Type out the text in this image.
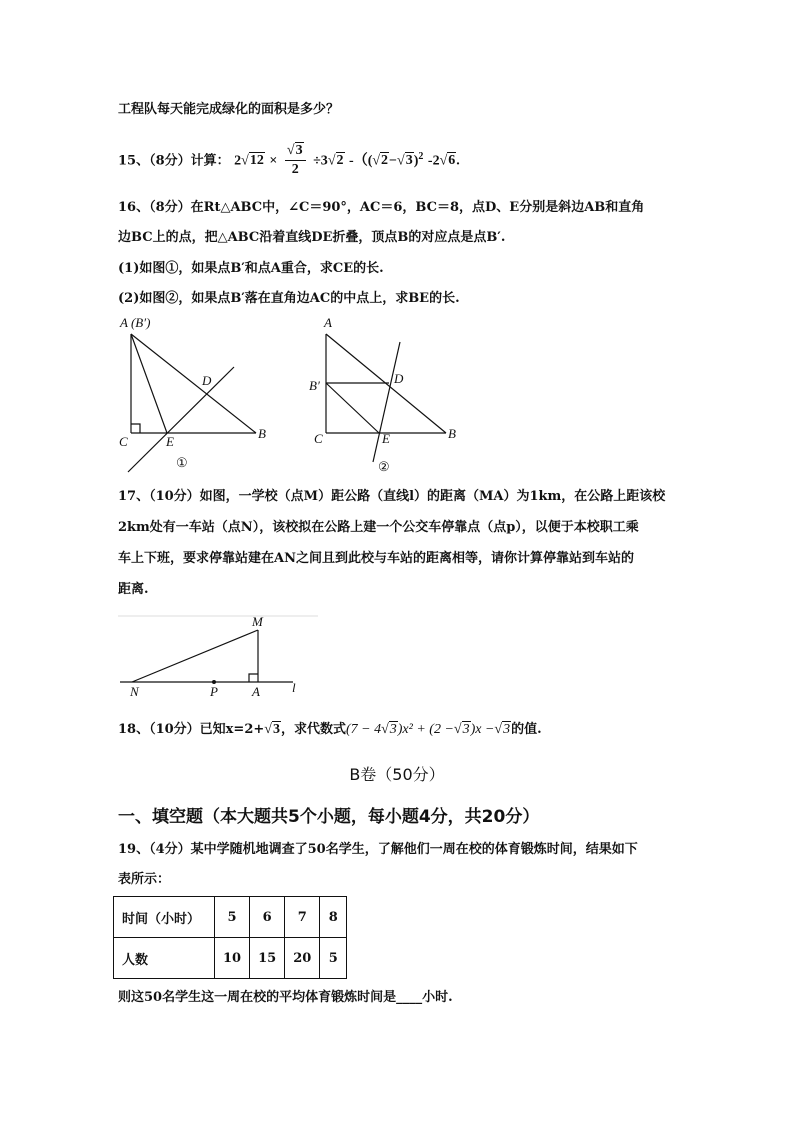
工程队每天能完成绿化的面积是多少？
15、（8分）计算： $2√12 \times \frac{√3}{2} \div 3√2$ $-((√2-√3)^2$ -2√6.
16、（8分）在Rt△ABC中，∠C＝90°，AC＝6，BC＝8，点D、E分别是斜边AB和直角
边BC上的点，把△ABC沿着直线DE折叠，顶点B的对应点是点B′.
(1)如图①，如果点B′和点A重合，求CE的长.
(2)如图②，如果点B′落在直角边AC的中点上，求BE的长.
A (B′)
C	E
B
D
①
A
B′	D
C	E	B
②
17、（10分）如图，一学校（点M）距公路（直线l）的距离（MA）为1km，在公路上距该校
2km处有一车站（点N），该校拟在公路上建一个公交车停靠点（点p），以便于本校职工乘
车上下班，要求停靠站建在AN之间且到此校与车站的距离相等，请你计算停靠站到车站的
距离.
M
N	P	A l
18、（10分）已知x=2+√3，求代数式(7 − 4√3)x² + (2 −√3)x −√3的值.
B卷（50分）
一、填空题（本大题共5个小题，每小题4分，共20分）
19、（4分）某中学随机地调查了50名学生，了解他们一周在校的体育锻炼时间，结果如下
表所示：
时间（小时）	5	6	7	8
人数	10	15	20	5
则这50名学生这一周在校的平均体育锻炼时间是____小时.
